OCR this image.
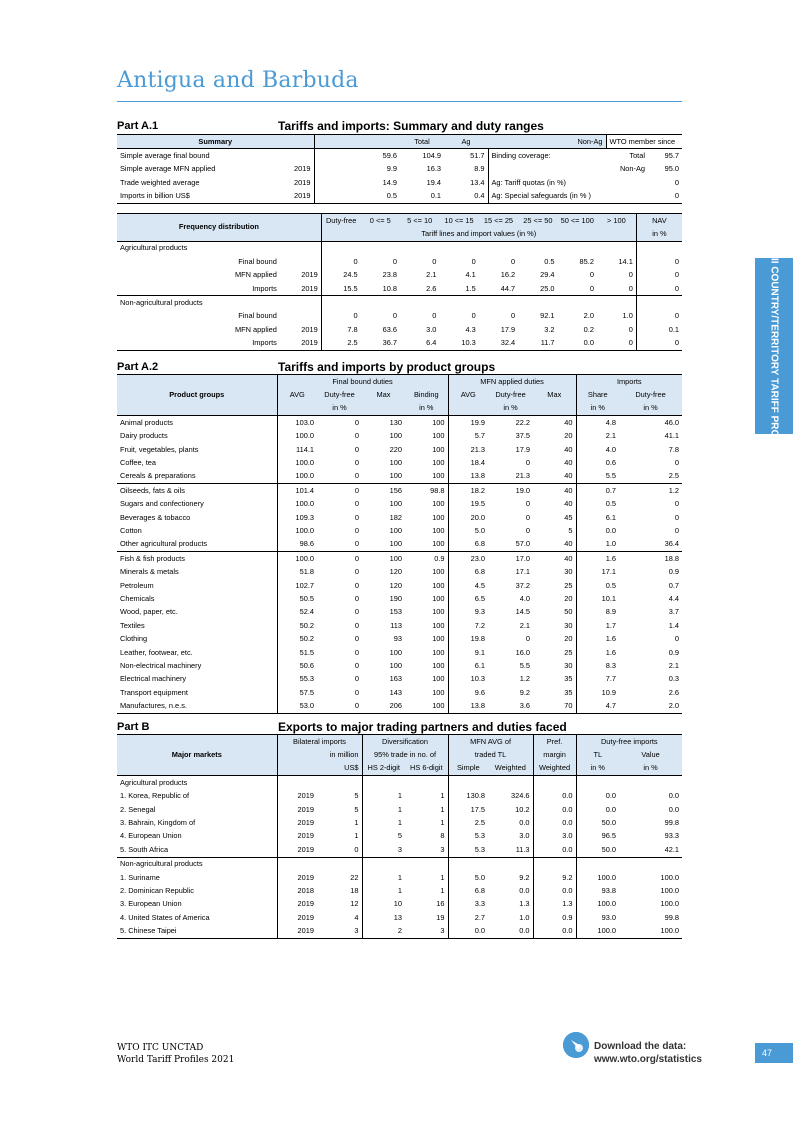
Antigua and Barbuda
II COUNTRY/TERRITORY TARIFF PROFILES
Part A.1	Tariffs and imports: Summary and duty ranges
Summary				Total	Ag	Non-Ag	WTO member since	
Simple average final bound			59.6	104.9	51.7	Binding coverage:	Total	95.7	
Simple average MFN applied	2019		9.9	16.3	8.9		Non-Ag	95.0	
Trade weighted average	2019		14.9	19.4	13.4	Ag: Tariff quotas (in %)		0	
Imports in billion US$	2019		0.5	0.1	0.4	Ag: Special safeguards (in % )		0	
Frequency distribution		Duty-free	0 <= 5	5 <= 10	10 <= 15	15 <= 25	25 <= 50	50 <= 100	> 100	NAV
		Tariff lines and import values (in %)								in %
Agricultural products										
Final bound		0	0	0	0	0	0.5	85.2	14.1	0
MFN applied	2019	24.5	23.8	2.1	4.1	16.2	29.4	0	0	0
Imports	2019	15.5	10.8	2.6	1.5	44.7	25.0	0	0	0
Non-agricultural products										
Final bound		0	0	0	0	0	92.1	2.0	1.0	0
MFN applied	2019	7.8	63.6	3.0	4.3	17.9	3.2	0.2	0	0.1
Imports	2019	2.5	36.7	6.4	10.3	32.4	11.7	0.0	0	0
Part A.2	Tariffs and imports by product groups
Product groups	Final bound duties				MFN applied duties			Imports	
	AVG	Duty-free	Max	Binding	AVG	Duty-free	Max	Share	Duty-free
		in %		in %		in %		in %	in %
Animal products	103.0	0	130	100	19.9	22.2	40	4.8	46.0
Dairy products	100.0	0	100	100	5.7	37.5	20	2.1	41.1
Fruit, vegetables, plants	114.1	0	220	100	21.3	17.9	40	4.0	7.8
Coffee, tea	100.0	0	100	100	18.4	0	40	0.6	0
Cereals & preparations	100.0	0	100	100	13.8	21.3	40	5.5	2.5
Oilseeds, fats & oils	101.4	0	156	98.8	18.2	19.0	40	0.7	1.2
Sugars and confectionery	100.0	0	100	100	19.5	0	40	0.5	0
Beverages & tobacco	109.3	0	182	100	20.0	0	45	6.1	0
Cotton	100.0	0	100	100	5.0	0	5	0.0	0
Other agricultural products	98.6	0	100	100	6.8	57.0	40	1.0	36.4
Fish & fish products	100.0	0	100	0.9	23.0	17.0	40	1.6	18.8
Minerals & metals	51.8	0	120	100	6.8	17.1	30	17.1	0.9
Petroleum	102.7	0	120	100	4.5	37.2	25	0.5	0.7
Chemicals	50.5	0	190	100	6.5	4.0	20	10.1	4.4
Wood, paper, etc.	52.4	0	153	100	9.3	14.5	50	8.9	3.7
Textiles	50.2	0	113	100	7.2	2.1	30	1.7	1.4
Clothing	50.2	0	93	100	19.8	0	20	1.6	0
Leather, footwear, etc.	51.5	0	100	100	9.1	16.0	25	1.6	0.9
Non-electrical machinery	50.6	0	100	100	6.1	5.5	30	8.3	2.1
Electrical machinery	55.3	0	163	100	10.3	1.2	35	7.7	0.3
Transport equipment	57.5	0	143	100	9.6	9.2	35	10.9	2.6
Manufactures, n.e.s.	53.0	0	206	100	13.8	3.6	70	4.7	2.0
Part B	Exports to major trading partners and duties faced
Major markets	Bilateral imports		Diversification		MFN AVG of		Pref.	Duty-free imports	
	in million		95% trade in no. of		traded TL		margin	TL	Value
	US$		HS 2-digit	HS 6-digit	Simple	Weighted	Weighted	in %	in %
Agricultural products									
1. Korea, Republic of	2019	5	1	1	130.8	324.6	0.0	0.0	0.0
2. Senegal	2019	5	1	1	17.5	10.2	0.0	0.0	0.0
3. Bahrain, Kingdom of	2019	1	1	1	2.5	0.0	0.0	50.0	99.8
4. European Union	2019	1	5	8	5.3	3.0	3.0	96.5	93.3
5. South Africa	2019	0	3	3	5.3	11.3	0.0	50.0	42.1
Non-agricultural products									
1. Suriname	2019	22	1	1	5.0	9.2	9.2	100.0	100.0
2. Dominican Republic	2018	18	1	1	6.8	0.0	0.0	93.8	100.0
3. European Union	2019	12	10	16	3.3	1.3	1.3	100.0	100.0
4. United States of America	2019	4	13	19	2.7	1.0	0.9	93.0	99.8
5. Chinese Taipei	2019	3	2	3	0.0	0.0	0.0	100.0	100.0
WTO ITC UNCTAD
World Tariff Profiles 2021
Download the data:
www.wto.org/statistics
47
